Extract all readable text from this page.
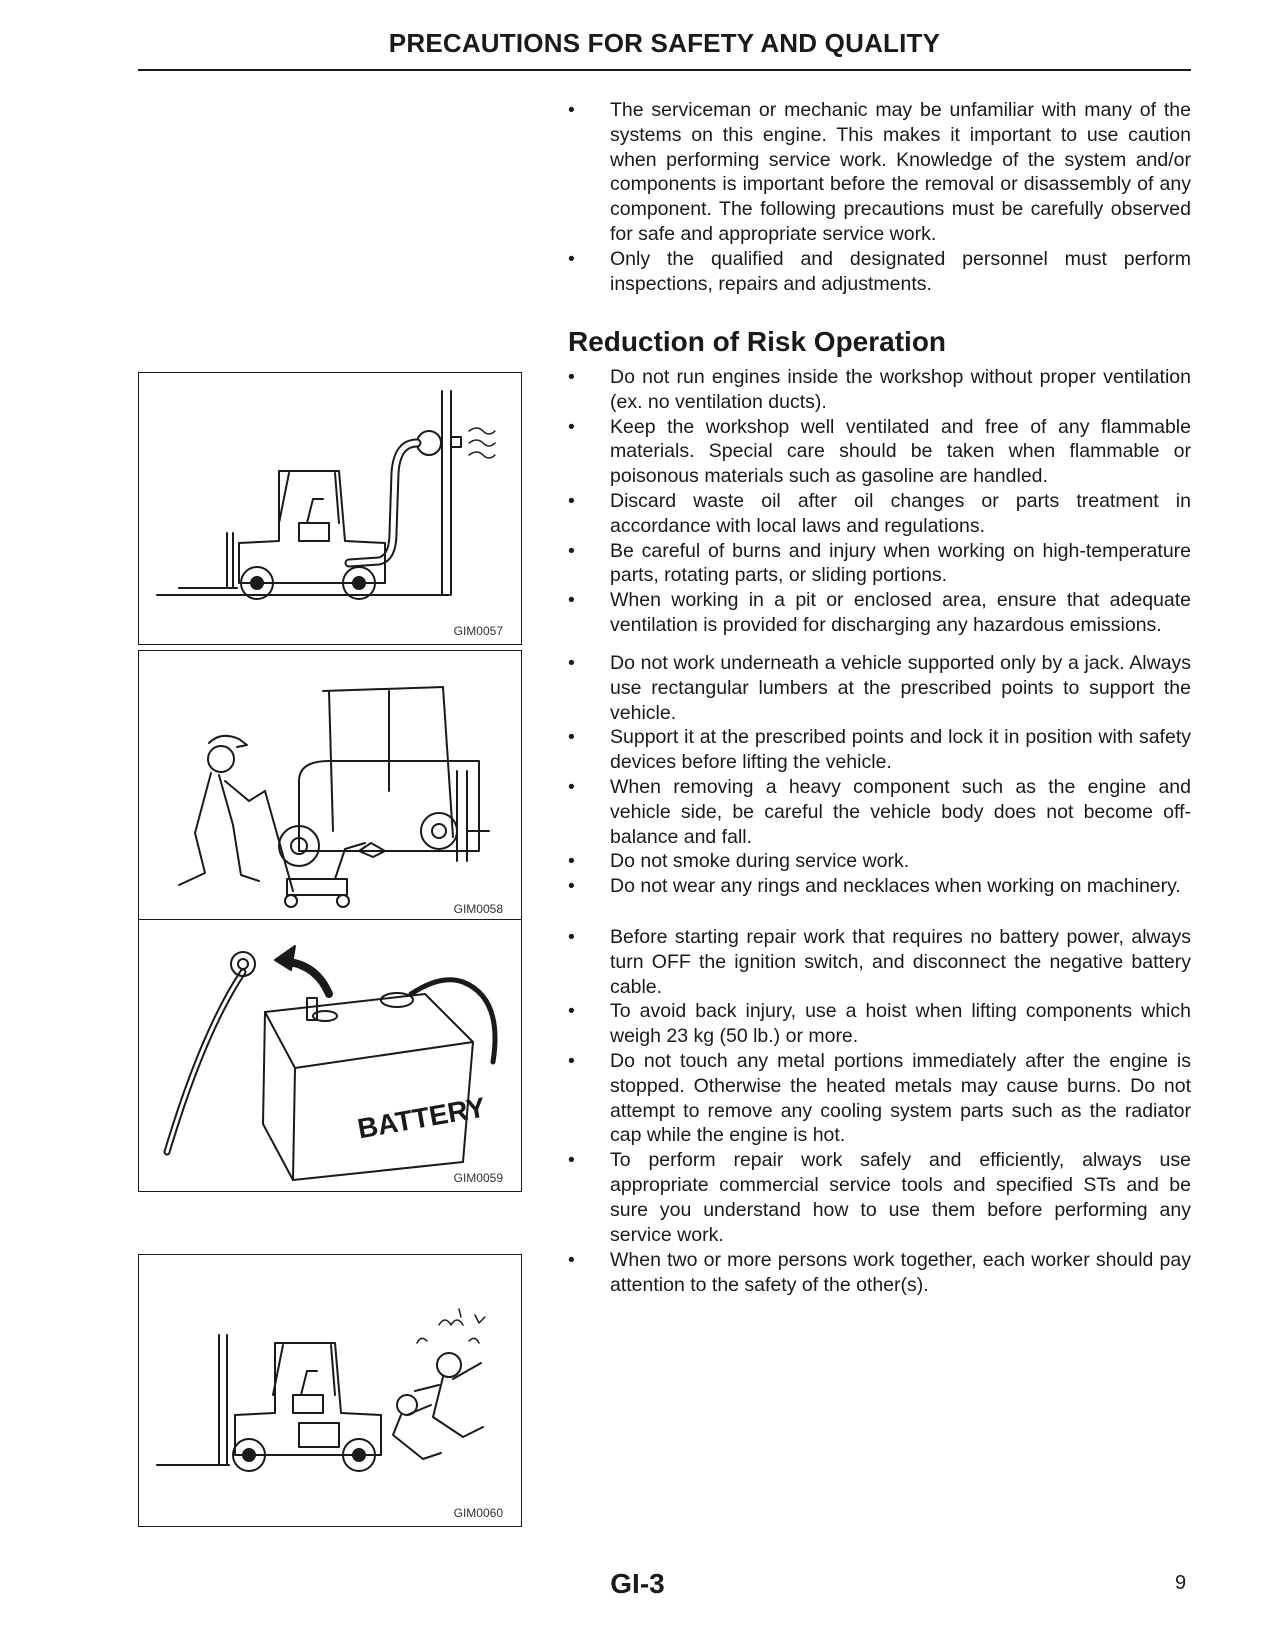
PRECAUTIONS FOR SAFETY AND QUALITY
• The serviceman or mechanic may be unfamiliar with many of the systems on this engine. This makes it important to use caution when performing service work. Knowledge of the system and/or components is important before the removal or disassembly of any component. The following precautions must be carefully observed for safe and appropriate service work.
• Only the qualified and designated personnel must perform inspections, repairs and adjustments.
Reduction of Risk Operation
• Do not run engines inside the workshop without proper ventilation (ex. no ventilation ducts).
• Keep the workshop well ventilated and free of any flammable materials. Special care should be taken when flammable or poisonous materials such as gasoline are handled.
• Discard waste oil after oil changes or parts treatment in accordance with local laws and regulations.
• Be careful of burns and injury when working on high-temperature parts, rotating parts, or sliding portions.
• When working in a pit or enclosed area, ensure that adequate ventilation is provided for discharging any hazardous emissions.
• Do not work underneath a vehicle supported only by a jack. Always use rectangular lumbers at the prescribed points to support the vehicle.
• Support it at the prescribed points and lock it in position with safety devices before lifting the vehicle.
• When removing a heavy component such as the engine and vehicle side, be careful the vehicle body does not become off-balance and fall.
• Do not smoke during service work.
• Do not wear any rings and necklaces when working on machinery.
• Before starting repair work that requires no battery power, always turn OFF the ignition switch, and disconnect the negative battery cable.
• To avoid back injury, use a hoist when lifting components which weigh 23 kg (50 lb.) or more.
• Do not touch any metal portions immediately after the engine is stopped. Otherwise the heated metals may cause burns. Do not attempt to remove any cooling system parts such as the radiator cap while the engine is hot.
• To perform repair work safely and efficiently, always use appropriate commercial service tools and specified STs and be sure you understand how to use them before performing any service work.
• When two or more persons work together, each worker should pay attention to the safety of the other(s).
GIM0057
GIM0058
BATTERY
GIM0059
GIM0060
GI-3	9
